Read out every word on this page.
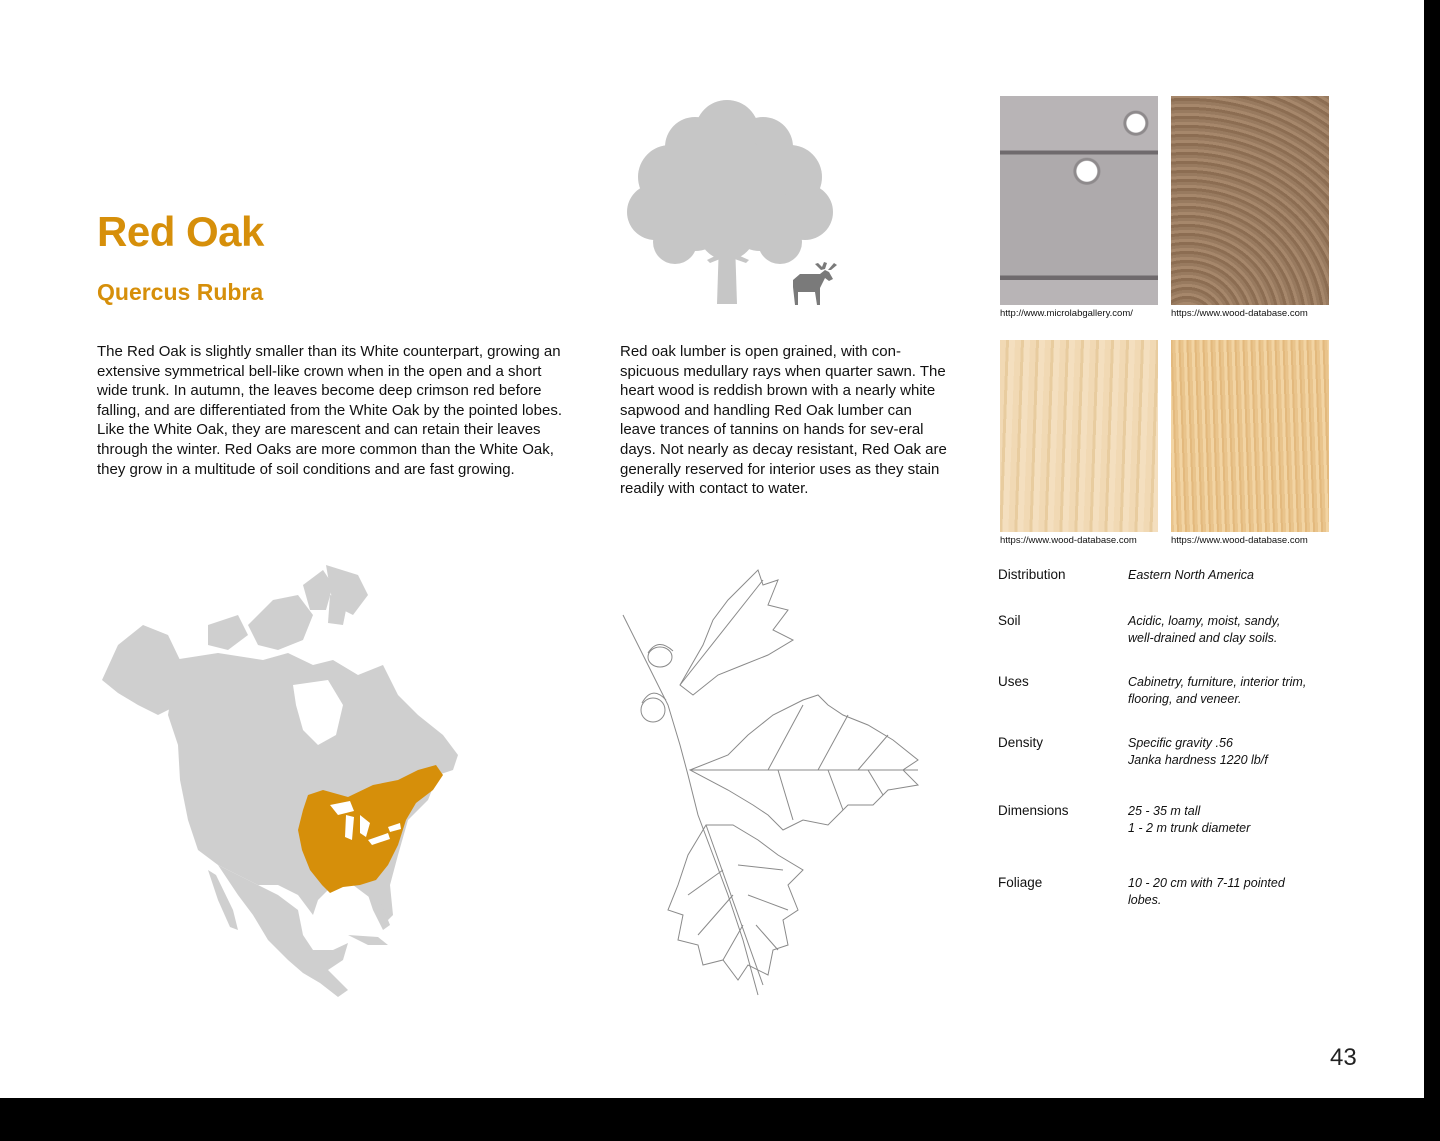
Red Oak
Quercus Rubra

The Red Oak is slightly smaller than its White counterpart, growing an extensive symmetrical bell-like crown when in the open and a short wide trunk. In autumn, the leaves become deep crimson red before falling, and are differentiated from the White Oak by the pointed lobes. Like the White Oak, they are marescent and can retain their leaves through the winter. Red Oaks are more common than the White Oak, they grow in a multitude of soil conditions and are fast growing.

Red oak lumber is open grained, with con-spicuous medullary rays when quarter sawn. The heart wood is reddish brown with a nearly white sapwood and handling Red Oak lumber can leave trances of tannins on hands for sev-eral days. Not nearly as decay resistant, Red Oak are generally reserved for interior uses as they stain readily with contact to water.

http://www.microlabgallery.com/	https://www.wood-database.com
https://www.wood-database.com	https://www.wood-database.com
Distribution	Eastern North America
Soil	Acidic, loamy, moist, sandy,
well-drained and clay soils.
Uses	Cabinetry, furniture, interior trim,
flooring, and veneer.
Density	Specific gravity .56
Janka hardness 1220 lb/f
Dimensions	25 - 35 m tall
1 - 2 m trunk diameter
Foliage	10 - 20 cm with 7-11 pointed
lobes.
43
